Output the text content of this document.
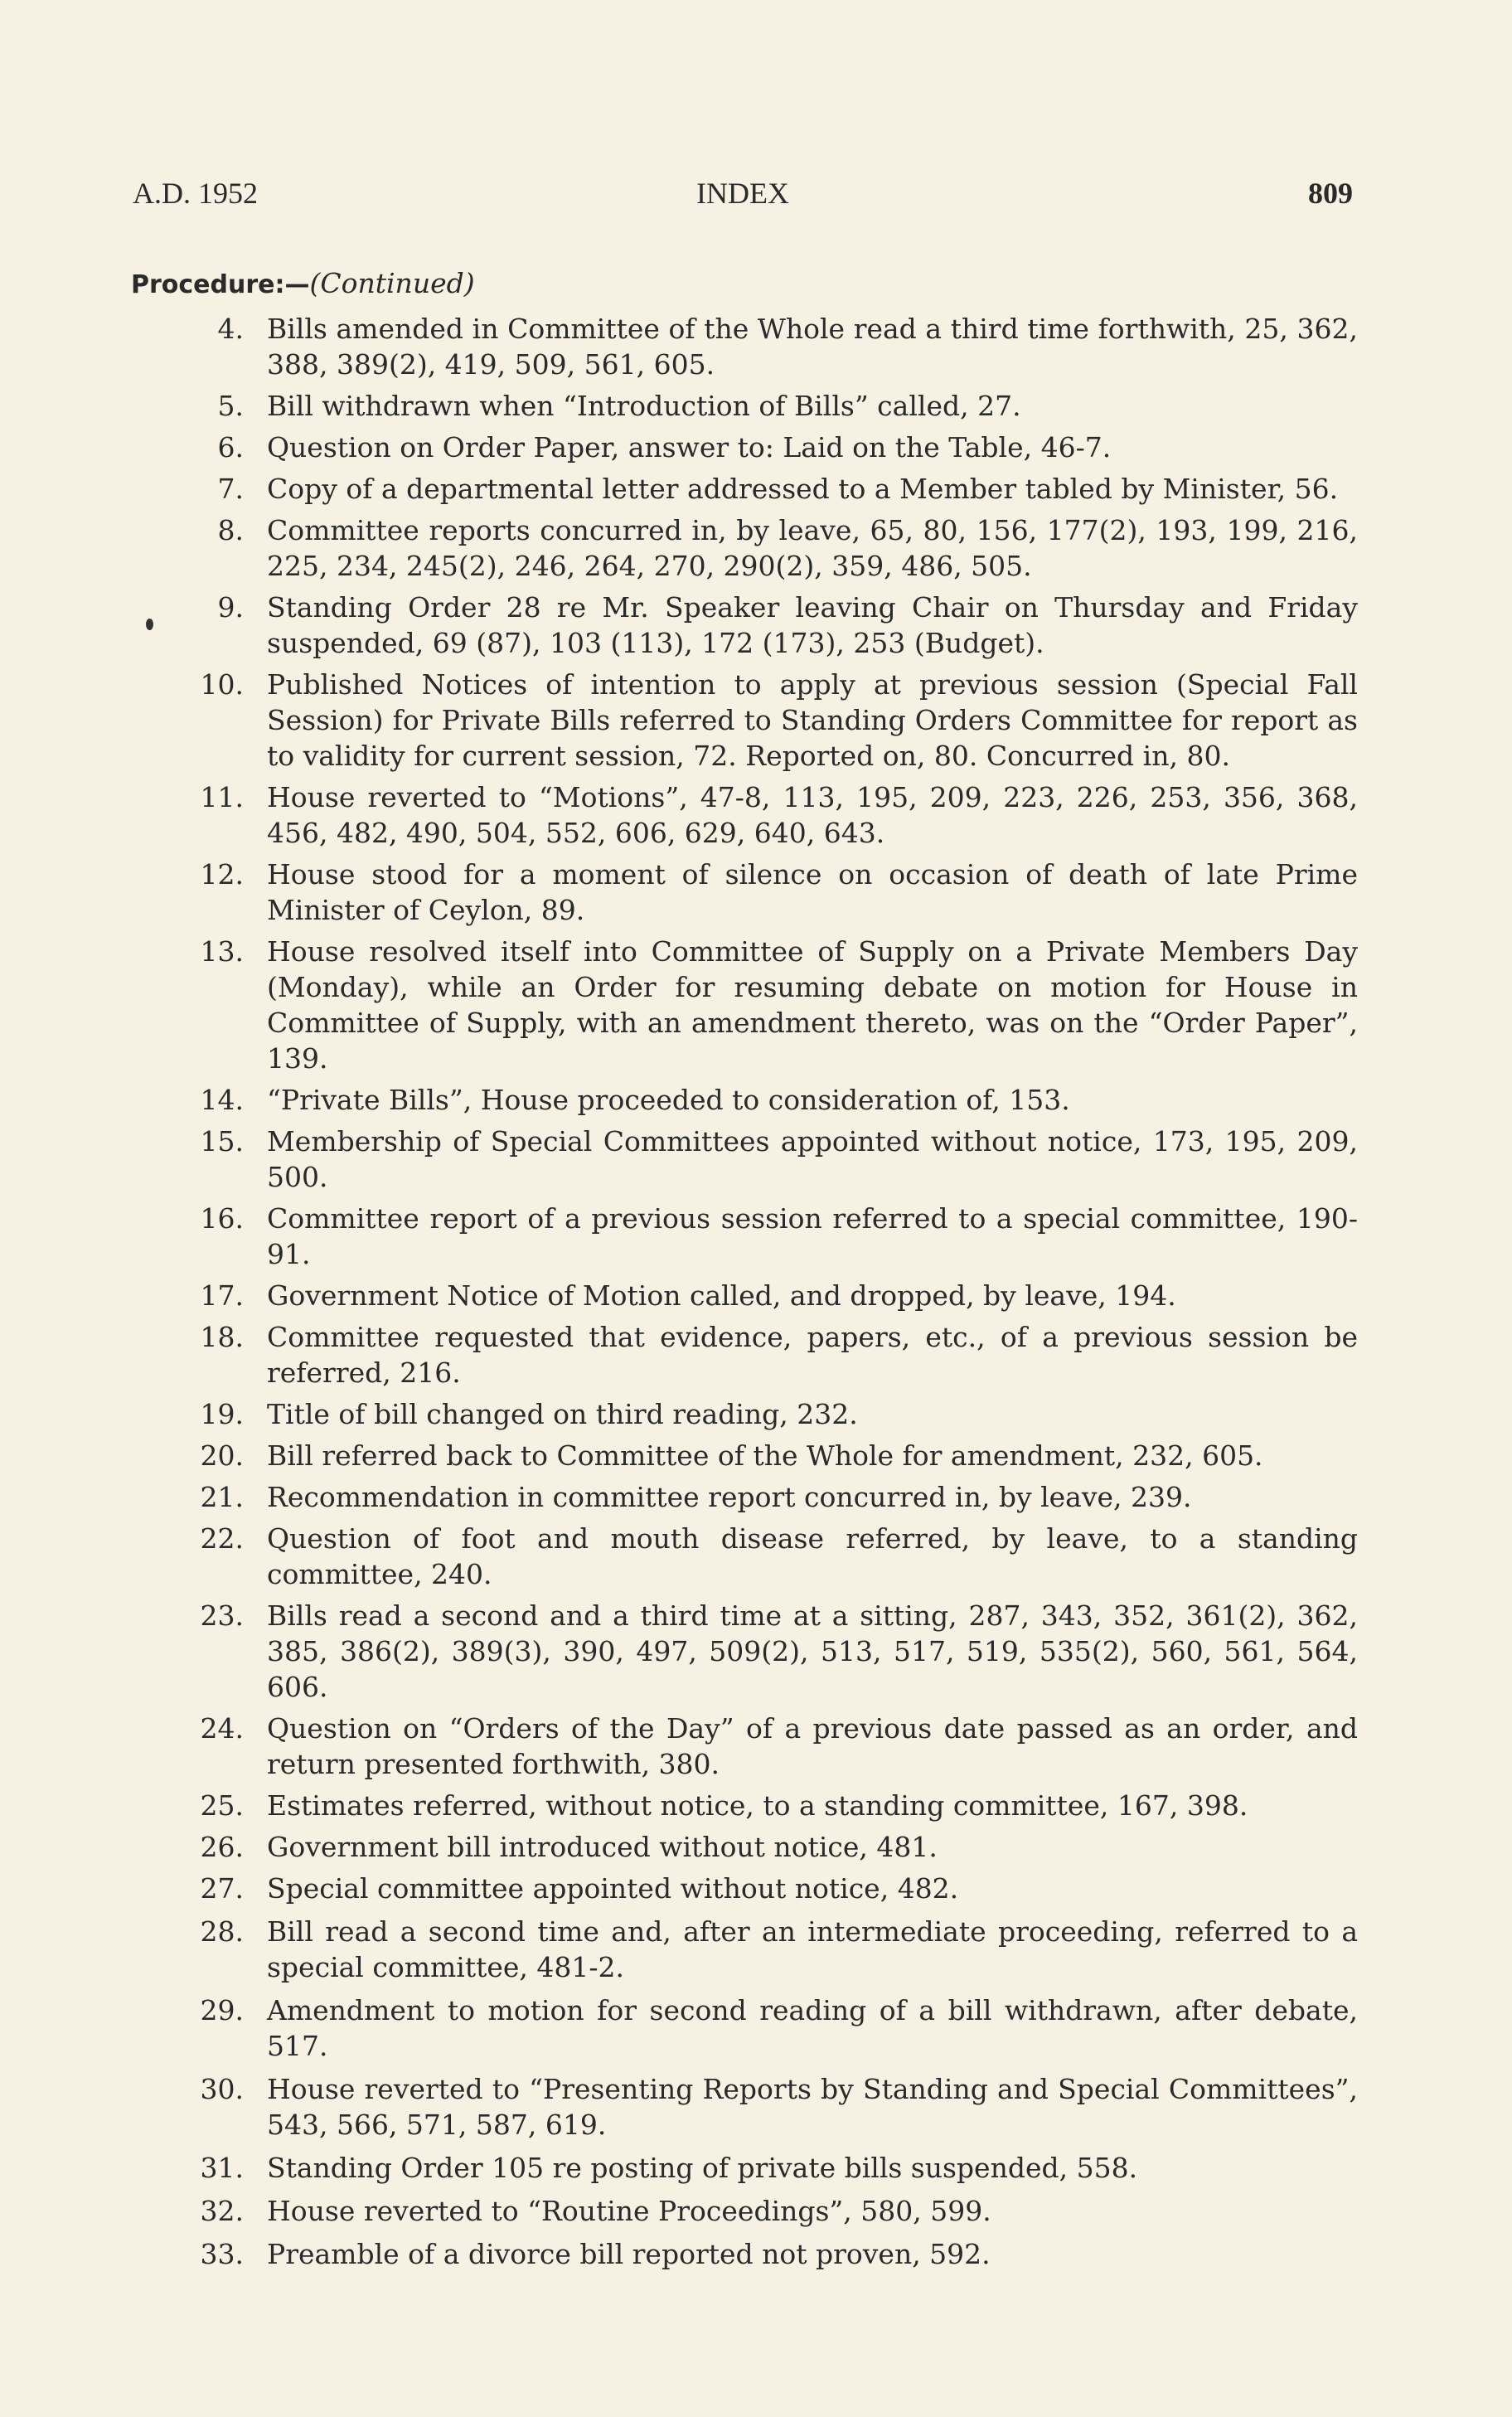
A.D. 1952	INDEX	809
Procedure:—(Continued)
4. Bills amended in Committee of the Whole read a third time forthwith, 25, 362, 388, 389(2), 419, 509, 561, 605.
5. Bill withdrawn when “Introduction of Bills” called, 27.
6. Question on Order Paper, answer to: Laid on the Table, 46-7.
7. Copy of a departmental letter addressed to a Member tabled by Minister, 56.
8. Committee reports concurred in, by leave, 65, 80, 156, 177(2), 193, 199, 216, 225, 234, 245(2), 246, 264, 270, 290(2), 359, 486, 505.
9. Standing Order 28 re Mr. Speaker leaving Chair on Thursday and Friday suspended, 69 (87), 103 (113), 172 (173), 253 (Budget).
10. Published Notices of intention to apply at previous session (Special Fall Session) for Private Bills referred to Standing Orders Committee for report as to validity for current session, 72. Reported on, 80. Concurred in, 80.
11. House reverted to “Motions”, 47-8, 113, 195, 209, 223, 226, 253, 356, 368, 456, 482, 490, 504, 552, 606, 629, 640, 643.
12. House stood for a moment of silence on occasion of death of late Prime Minister of Ceylon, 89.
13. House resolved itself into Committee of Supply on a Private Members Day (Monday), while an Order for resuming debate on motion for House in Committee of Supply, with an amendment thereto, was on the “Order Paper”, 139.
14. “Private Bills”, House proceeded to consideration of, 153.
15. Membership of Special Committees appointed without notice, 173, 195, 209, 500.
16. Committee report of a previous session referred to a special committee, 190-91.
17. Government Notice of Motion called, and dropped, by leave, 194.
18. Committee requested that evidence, papers, etc., of a previous session be referred, 216.
19. Title of bill changed on third reading, 232.
20. Bill referred back to Committee of the Whole for amendment, 232, 605.
21. Recommendation in committee report concurred in, by leave, 239.
22. Question of foot and mouth disease referred, by leave, to a standing committee, 240.
23. Bills read a second and a third time at a sitting, 287, 343, 352, 361(2), 362, 385, 386(2), 389(3), 390, 497, 509(2), 513, 517, 519, 535(2), 560, 561, 564, 606.
24. Question on “Orders of the Day” of a previous date passed as an order, and return presented forthwith, 380.
25. Estimates referred, without notice, to a standing committee, 167, 398.
26. Government bill introduced without notice, 481.
27. Special committee appointed without notice, 482.
28. Bill read a second time and, after an intermediate proceeding, referred to a special committee, 481-2.
29. Amendment to motion for second reading of a bill withdrawn, after debate, 517.
30. House reverted to “Presenting Reports by Standing and Special Committees”, 543, 566, 571, 587, 619.
31. Standing Order 105 re posting of private bills suspended, 558.
32. House reverted to “Routine Proceedings”, 580, 599.
33. Preamble of a divorce bill reported not proven, 592.
